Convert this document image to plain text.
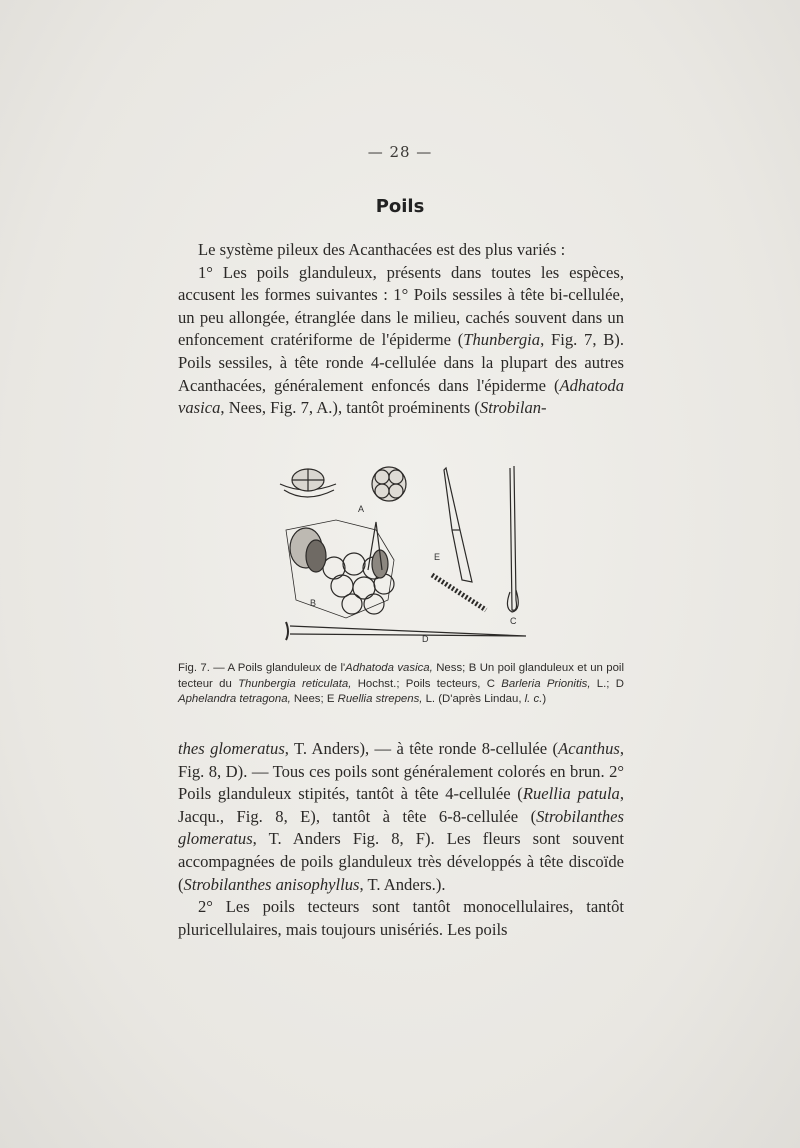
— 28 —
Poils

Le système pileux des Acanthacées est des plus variés :

1° Les poils glanduleux, présents dans toutes les espèces, accusent les formes suivantes : 1° Poils sessiles à tête bi-cellulée, un peu allongée, étranglée dans le milieu, cachés souvent dans un enfoncement cratériforme de l'épiderme (Thunbergia, Fig. 7, B). Poils sessiles, à tête ronde 4-cellulée dans la plupart des autres Acanthacées, généralement enfoncés dans l'épiderme (Adhatoda vasica, Nees, Fig. 7, A.), tantôt proéminents (Strobilan-

A
B
C
D
E
Fig. 7. — A Poils glanduleux de l'Adhatoda vasica, Ness; B Un poil glanduleux et un poil tecteur du Thunbergia reticulata, Hochst.; Poils tecteurs, C Barleria Prionitis, L.; D Aphelandra tetragona, Nees; E Ruellia strepens, L. (D'après Lindau, l. c.)

thes glomeratus, T. Anders), — à tête ronde 8-cellulée (Acanthus, Fig. 8, D). — Tous ces poils sont généralement colorés en brun. 2° Poils glanduleux stipités, tantôt à tête 4-cellulée (Ruellia patula, Jacqu., Fig. 8, E), tantôt à tête 6-8-cellulée (Strobilanthes glomeratus, T. Anders Fig. 8, F). Les fleurs sont souvent accompagnées de poils glanduleux très développés à tête discoïde (Strobilanthes anisophyllus, T. Anders.).

2° Les poils tecteurs sont tantôt monocellulaires, tantôt pluricellulaires, mais toujours unisériés. Les poils
